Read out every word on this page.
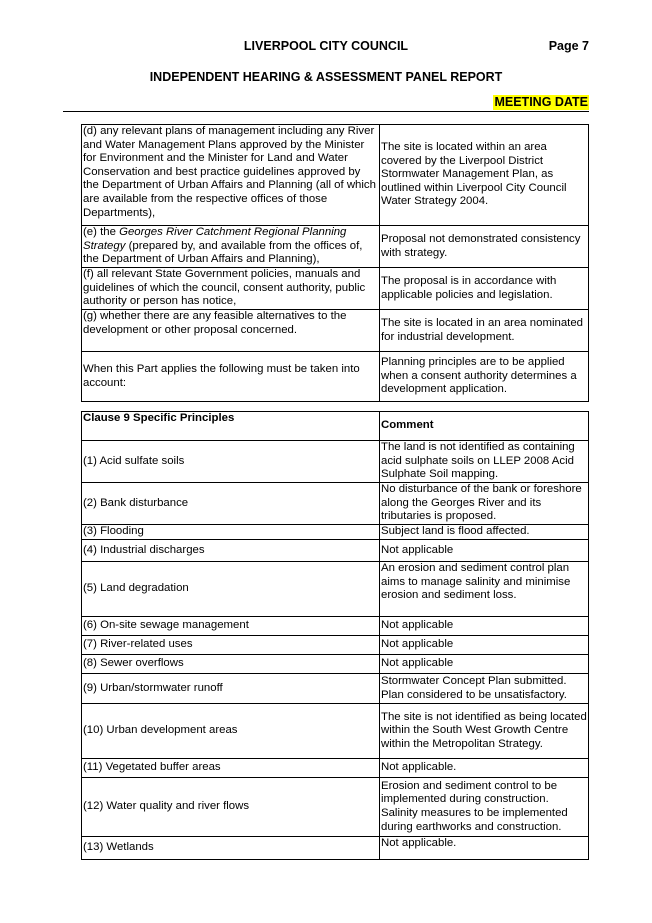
LIVERPOOL CITY COUNCIL	Page 7
INDEPENDENT HEARING & ASSESSMENT PANEL REPORT
MEETING DATE
(d) any relevant plans of management including any River and Water Management Plans approved by the Minister for Environment and the Minister for Land and Water Conservation and best practice guidelines approved by the Department of Urban Affairs and Planning (all of which are available from the respective offices of those Departments),	The site is located within an area covered by the Liverpool District Stormwater Management Plan, as outlined within Liverpool City Council Water Strategy 2004.
(e) the Georges River Catchment Regional Planning Strategy (prepared by, and available from the offices of, the Department of Urban Affairs and Planning),	Proposal not demonstrated consistency with strategy.
(f) all relevant State Government policies, manuals and guidelines of which the council, consent authority, public authority or person has notice,	The proposal is in accordance with applicable policies and legislation.
(g) whether there are any feasible alternatives to the development or other proposal concerned.	The site is located in an area nominated for industrial development.
When this Part applies the following must be taken into account:	Planning principles are to be applied when a consent authority determines a development application.
Clause 9 Specific Principles	Comment
(1) Acid sulfate soils	The land is not identified as containing acid sulphate soils on LLEP 2008 Acid Sulphate Soil mapping.
(2) Bank disturbance	No disturbance of the bank or foreshore along the Georges River and its tributaries is proposed.
(3) Flooding	Subject land is flood affected.
(4) Industrial discharges	Not applicable
(5) Land degradation	An erosion and sediment control plan aims to manage salinity and minimise erosion and sediment loss.
(6) On-site sewage management	Not applicable
(7) River-related uses	Not applicable
(8) Sewer overflows	Not applicable
(9) Urban/stormwater runoff	Stormwater Concept Plan submitted. Plan considered to be unsatisfactory.
(10) Urban development areas	The site is not identified as being located within the South West Growth Centre within the Metropolitan Strategy.
(11) Vegetated buffer areas	Not applicable.
(12) Water quality and river flows	Erosion and sediment control to be implemented during construction. Salinity measures to be implemented during earthworks and construction.
(13) Wetlands	Not applicable.
